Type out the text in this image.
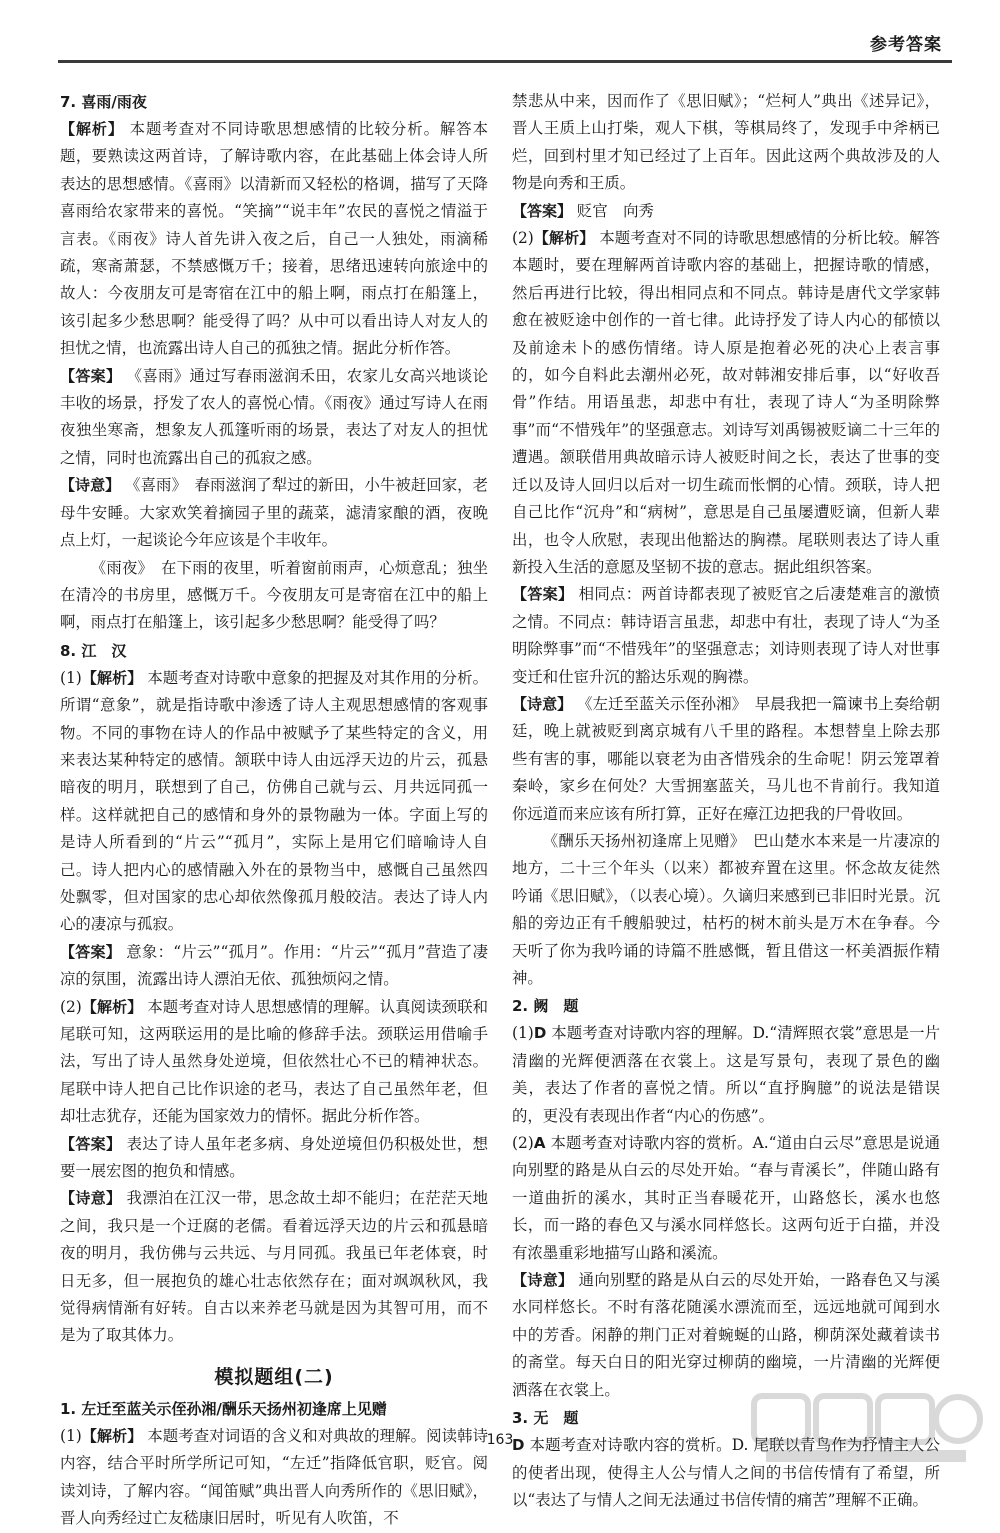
参考答案

7. 喜雨/雨夜

【解析】 本题考查对不同诗歌思想感情的比较分析。解答本题，要熟读这两首诗，了解诗歌内容，在此基础上体会诗人所表达的思想感情。《喜雨》以清新而又轻松的格调，描写了天降喜雨给农家带来的喜悦。“笑摘”“说丰年”农民的喜悦之情溢于言表。《雨夜》诗人首先讲入夜之后，自己一人独处，雨滴稀疏，寒斋萧瑟，不禁感慨万千；接着，思绪迅速转向旅途中的故人：今夜朋友可是寄宿在江中的船上啊，雨点打在船篷上，该引起多少愁思啊？能受得了吗？从中可以看出诗人对友人的担忧之情，也流露出诗人自己的孤独之情。据此分析作答。

【答案】 《喜雨》通过写春雨滋润禾田，农家儿女高兴地谈论丰收的场景，抒发了农人的喜悦心情。《雨夜》通过写诗人在雨夜独坐寒斋，想象友人孤篷听雨的场景，表达了对友人的担忧之情，同时也流露出自己的孤寂之感。

【诗意】 《喜雨》　春雨滋润了犁过的新田，小牛被赶回家，老母牛安睡。大家欢笑着摘园子里的蔬菜，滤清家酿的酒，夜晚点上灯，一起谈论今年应该是个丰收年。

《雨夜》　在下雨的夜里，听着窗前雨声，心烦意乱；独坐在清冷的书房里，感慨万千。今夜朋友可是寄宿在江中的船上啊，雨点打在船篷上，该引起多少愁思啊？能受得了吗？

8. 江　汉

(1)【解析】 本题考查对诗歌中意象的把握及对其作用的分析。所谓“意象”，就是指诗歌中渗透了诗人主观思想感情的客观事物。不同的事物在诗人的作品中被赋予了某些特定的含义，用来表达某种特定的感情。颔联中诗人由远浮天边的片云，孤悬暗夜的明月，联想到了自己，仿佛自己就与云、月共远同孤一样。这样就把自己的感情和身外的景物融为一体。字面上写的是诗人所看到的“片云”“孤月”，实际上是用它们暗喻诗人自己。诗人把内心的感情融入外在的景物当中，感慨自己虽然四处飘零，但对国家的忠心却依然像孤月般皎洁。表达了诗人内心的凄凉与孤寂。

【答案】 意象：“片云”“孤月”。作用：“片云”“孤月”营造了凄凉的氛围，流露出诗人漂泊无依、孤独烦闷之情。

(2)【解析】 本题考查对诗人思想感情的理解。认真阅读颈联和尾联可知，这两联运用的是比喻的修辞手法。颈联运用借喻手法，写出了诗人虽然身处逆境，但依然壮心不已的精神状态。尾联中诗人把自己比作识途的老马，表达了自己虽然年老，但却壮志犹存，还能为国家效力的情怀。据此分析作答。

【答案】 表达了诗人虽年老多病、身处逆境但仍积极处世，想要一展宏图的抱负和情感。

【诗意】 我漂泊在江汉一带，思念故土却不能归；在茫茫天地之间，我只是一个迂腐的老儒。看着远浮天边的片云和孤悬暗夜的明月，我仿佛与云共远、与月同孤。我虽已年老体衰，时日无多，但一展抱负的雄心壮志依然存在；面对飒飒秋风，我觉得病情渐有好转。自古以来养老马就是因为其智可用，而不是为了取其体力。

模拟题组(二)

1. 左迁至蓝关示侄孙湘/酬乐天扬州初逢席上见赠

(1)【解析】 本题考查对词语的含义和对典故的理解。阅读韩诗内容，结合平时所学所记可知，“左迁”指降低官职，贬官。阅读刘诗，了解内容。“闻笛赋”典出晋人向秀所作的《思旧赋》，晋人向秀经过亡友嵇康旧居时，听见有人吹笛，不

禁悲从中来，因而作了《思旧赋》；“烂柯人”典出《述异记》，晋人王质上山打柴，观人下棋，等棋局终了，发现手中斧柄已烂，回到村里才知已经过了上百年。因此这两个典故涉及的人物是向秀和王质。

【答案】 贬官　向秀

(2)【解析】 本题考查对不同的诗歌思想感情的分析比较。解答本题时，要在理解两首诗歌内容的基础上，把握诗歌的情感，然后再进行比较，得出相同点和不同点。韩诗是唐代文学家韩愈在被贬途中创作的一首七律。此诗抒发了诗人内心的郁愤以及前途未卜的感伤情绪。诗人原是抱着必死的决心上表言事的，如今自料此去潮州必死，故对韩湘安排后事，以“好收吾骨”作结。用语虽悲，却悲中有壮，表现了诗人“为圣明除弊事”而“不惜残年”的坚强意志。刘诗写刘禹锡被贬谪二十三年的遭遇。颔联借用典故暗示诗人被贬时间之长，表达了世事的变迁以及诗人回归以后对一切生疏而怅惘的心情。颈联，诗人把自己比作“沉舟”和“病树”，意思是自己虽屡遭贬谪，但新人辈出，也令人欣慰，表现出他豁达的胸襟。尾联则表达了诗人重新投入生活的意愿及坚韧不拔的意志。据此组织答案。

【答案】 相同点：两首诗都表现了被贬官之后凄楚难言的激愤之情。不同点：韩诗语言虽悲，却悲中有壮，表现了诗人“为圣明除弊事”而“不惜残年”的坚强意志；刘诗则表现了诗人对世事变迁和仕宦升沉的豁达乐观的胸襟。

【诗意】 《左迁至蓝关示侄孙湘》　早晨我把一篇谏书上奏给朝廷，晚上就被贬到离京城有八千里的路程。本想替皇上除去那些有害的事，哪能以衰老为由吝惜残余的生命呢！阴云笼罩着秦岭，家乡在何处？大雪拥塞蓝关，马儿也不肯前行。我知道你远道而来应该有所打算，正好在瘴江边把我的尸骨收回。

《酬乐天扬州初逢席上见赠》　巴山楚水本来是一片凄凉的地方，二十三个年头（以来）都被弃置在这里。怀念故友徒然吟诵《思旧赋》，（以表心境）。久谪归来感到已非旧时光景。沉船的旁边正有千艘船驶过，枯朽的树木前头是万木在争春。今天听了你为我吟诵的诗篇不胜感慨，暂且借这一杯美酒振作精神。

2. 阙　题

(1)D 本题考查对诗歌内容的理解。D.“清辉照衣裳”意思是一片清幽的光辉便洒落在衣裳上。这是写景句，表现了景色的幽美，表达了作者的喜悦之情。所以“直抒胸臆”的说法是错误的，更没有表现出作者“内心的伤感”。

(2)A 本题考查对诗歌内容的赏析。A.“道由白云尽”意思是说通向别墅的路是从白云的尽处开始。“春与青溪长”，伴随山路有一道曲折的溪水，其时正当春暖花开，山路悠长，溪水也悠长，而一路的春色又与溪水同样悠长。这两句近于白描，并没有浓墨重彩地描写山路和溪流。

【诗意】 通向别墅的路是从白云的尽处开始，一路春色又与溪水同样悠长。不时有落花随溪水漂流而至，远远地就可闻到水中的芳香。闲静的荆门正对着蜿蜒的山路，柳荫深处藏着读书的斋堂。每天白日的阳光穿过柳荫的幽境，一片清幽的光辉便洒落在衣裳上。

3. 无　题

D 本题考查对诗歌内容的赏析。D. 尾联以青鸟作为抒情主人公的使者出现，使得主人公与情人之间的书信传情有了希望，所以“表达了与情人之间无法通过书信传情的痛苦”理解不正确。

163
